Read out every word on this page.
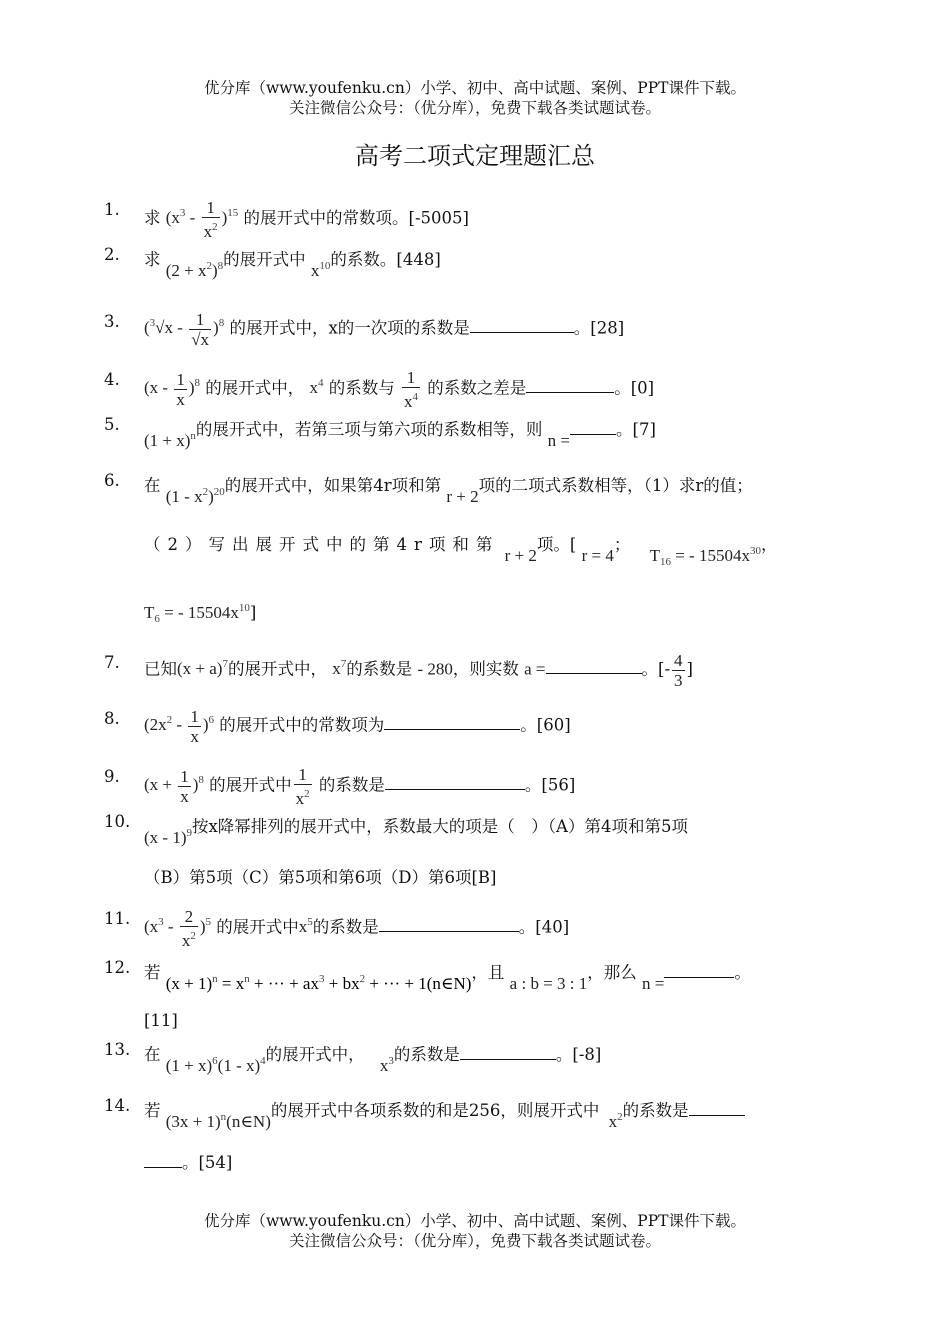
优分库（www.youfenku.cn）小学、初中、高中试题、案例、PPT课件下载。
关注微信公众号：（优分库），免费下载各类试题试卷。
高考二项式定理题汇总
1.	求 $(x^3 - \frac{1}{x^2} )^{15}$ 的展开式中的常数项。[-5005]
2.	求 $(2 + x^2)^8$的展开式中 $x^{10}$的系数。[448]
3.	$(^3√x - \frac{1}{√x} )^8$ 的展开式中，x的一次项的系数是	。[28]
4.	$(x - \frac{1}{x} )^8$ 的展开式中， $x^4$ 的系数与 $\frac{1}{x^4}$ 的系数之差是	。[0]
5.
$(1 + x)^n$的展开式中，若第三项与第六项的系数相等，则 n =。[7]
6.	在 $(1 - x^2)^{20}$的展开式中，如果第4r项和第 r + 2项的二项式系数相等，（1）求r的值；
（2）写出展开式中的第4r项和第 r + 2项。[ r = 4； $T_{16}$ = - $15504x^{30}$，
$T_6$ = - $15504x^{10}$]
7.	已知$(x + a)^7$的展开式中， $x^7$的系数是 - 280，则实数 a =	。[- $\frac{4}{3}$ ]
8.	$(2x^2 - \frac{1}{x} )^6$ 的展开式中的常数项为	。[60]
9.	$(x + \frac{1}{x} )^8$ 的展开式中 $\frac{1}{x^2}$ 的系数是	。[56]
10.
(x - 1)$^9$按x降幂排列的展开式中，系数最大的项是（　）（A）第4项和第5项
（B）第5项（C）第5项和第6项（D）第6项[B]
11. $(x^3 - \frac{2}{x^2} )^5$ 的展开式中$x^5$的系数是	。[40]
12. 若 $(x + 1)^n = x^n$ + ··· + $ax^3 + bx^2$ + ··· + 1(n∈N)，且 a : b = 3 : 1，那么 n =。
[11]
13. 在 $(1 + x)^6(1 - x)^4$的展开式中， $x^3$的系数是	。[-8]
14. 若 $(3x + 1)^n(n\in N)$的展开式中各项系数的和是256，则展开式中 $x^2$的系数是
。[54]
优分库（www.youfenku.cn）小学、初中、高中试题、案例、PPT课件下载。
关注微信公众号：（优分库），免费下载各类试题试卷。
